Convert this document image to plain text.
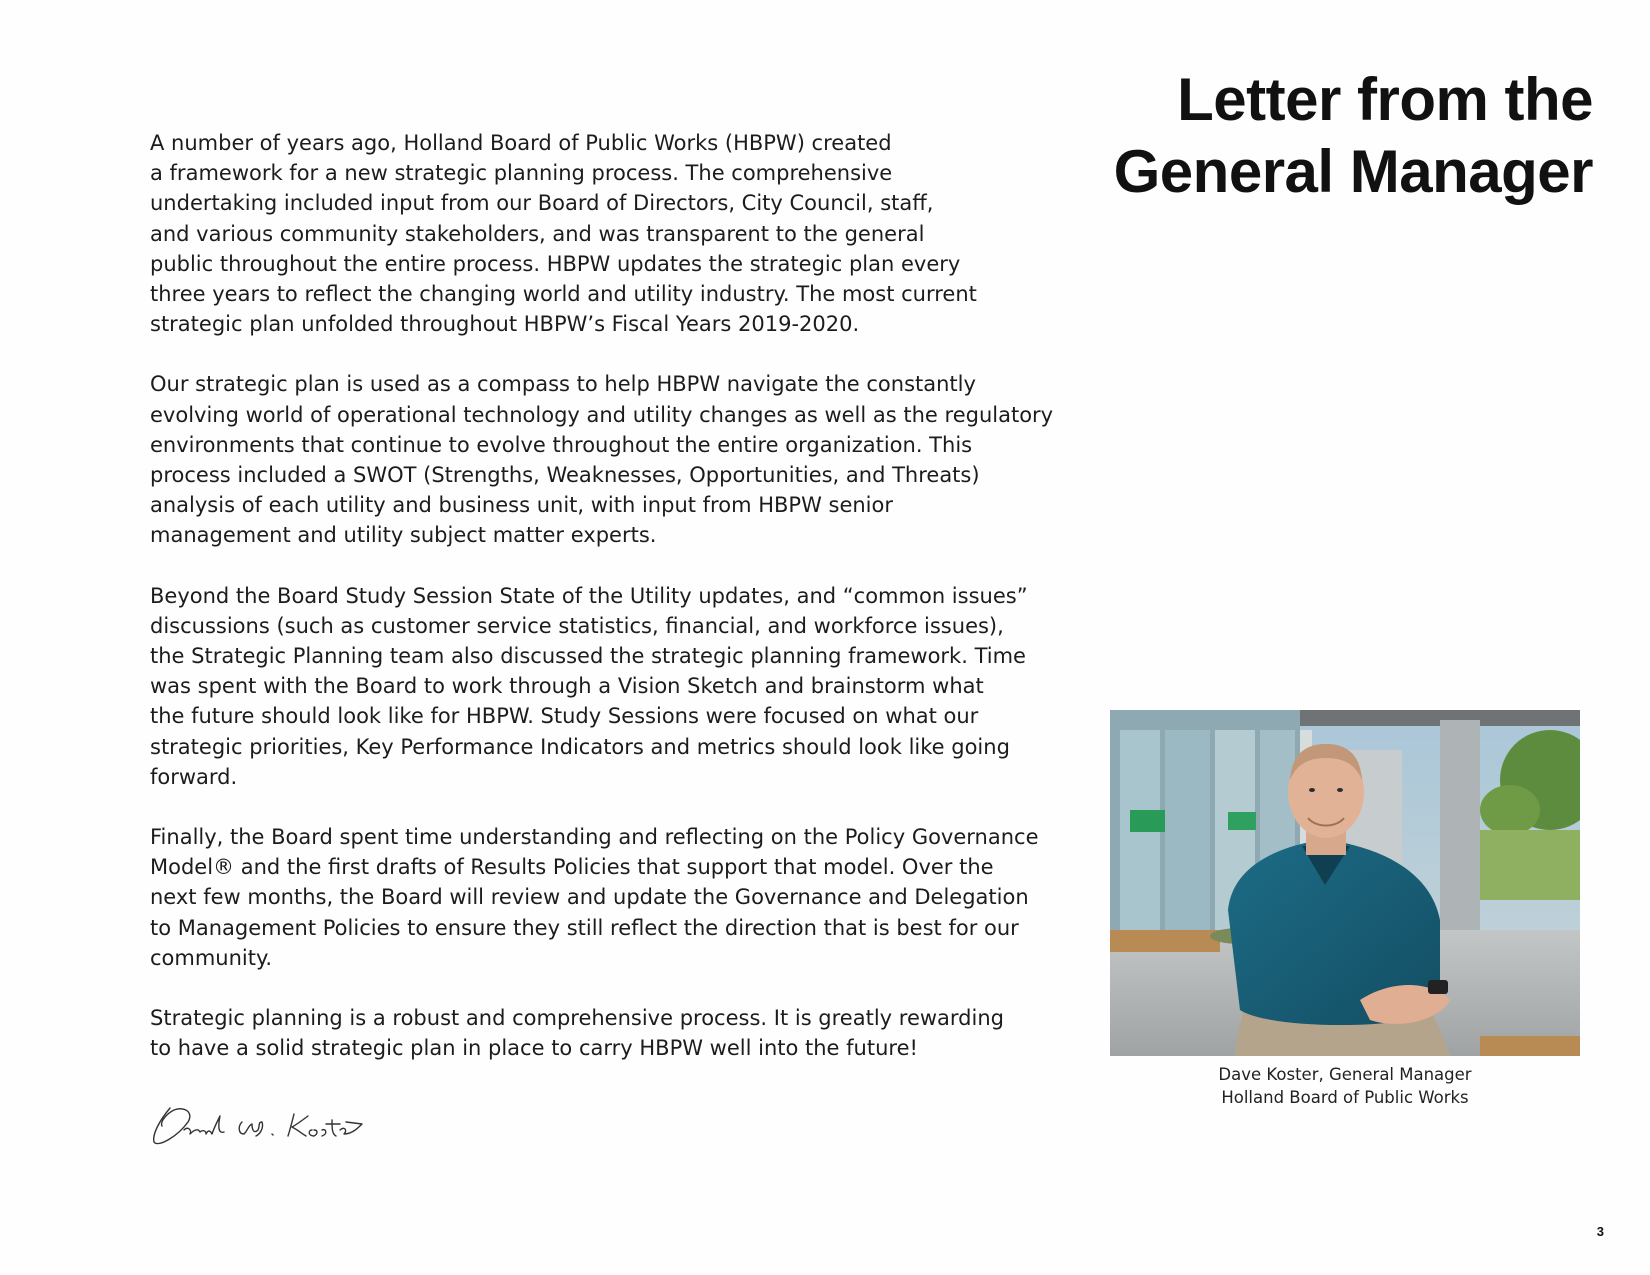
Letter from the
General Manager

A number of years ago, Holland Board of Public Works (HBPW) created
a framework for a new strategic planning process. The comprehensive
undertaking included input from our Board of Directors, City Council, staff,
and various community stakeholders, and was transparent to the general
public throughout the entire process. HBPW updates the strategic plan every
three years to reflect the changing world and utility industry. The most current
strategic plan unfolded throughout HBPW’s Fiscal Years 2019-2020.

Our strategic plan is used as a compass to help HBPW navigate the constantly
evolving world of operational technology and utility changes as well as the regulatory
environments that continue to evolve throughout the entire organization. This
process included a SWOT (Strengths, Weaknesses, Opportunities, and Threats)
analysis of each utility and business unit, with input from HBPW senior
management and utility subject matter experts.

Beyond the Board Study Session State of the Utility updates, and “common issues”
discussions (such as customer service statistics, financial, and workforce issues),
the Strategic Planning team also discussed the strategic planning framework. Time
was spent with the Board to work through a Vision Sketch and brainstorm what
the future should look like for HBPW. Study Sessions were focused on what our
strategic priorities, Key Performance Indicators and metrics should look like going
forward.

Finally, the Board spent time understanding and reflecting on the Policy Governance
Model® and the first drafts of Results Policies that support that model. Over the
next few months, the Board will review and update the Governance and Delegation
to Management Policies to ensure they still reflect the direction that is best for our
community.

Strategic planning is a robust and comprehensive process. It is greatly rewarding
to have a solid strategic plan in place to carry HBPW well into the future!

Dave Koster, General Manager
Holland Board of Public Works
3
